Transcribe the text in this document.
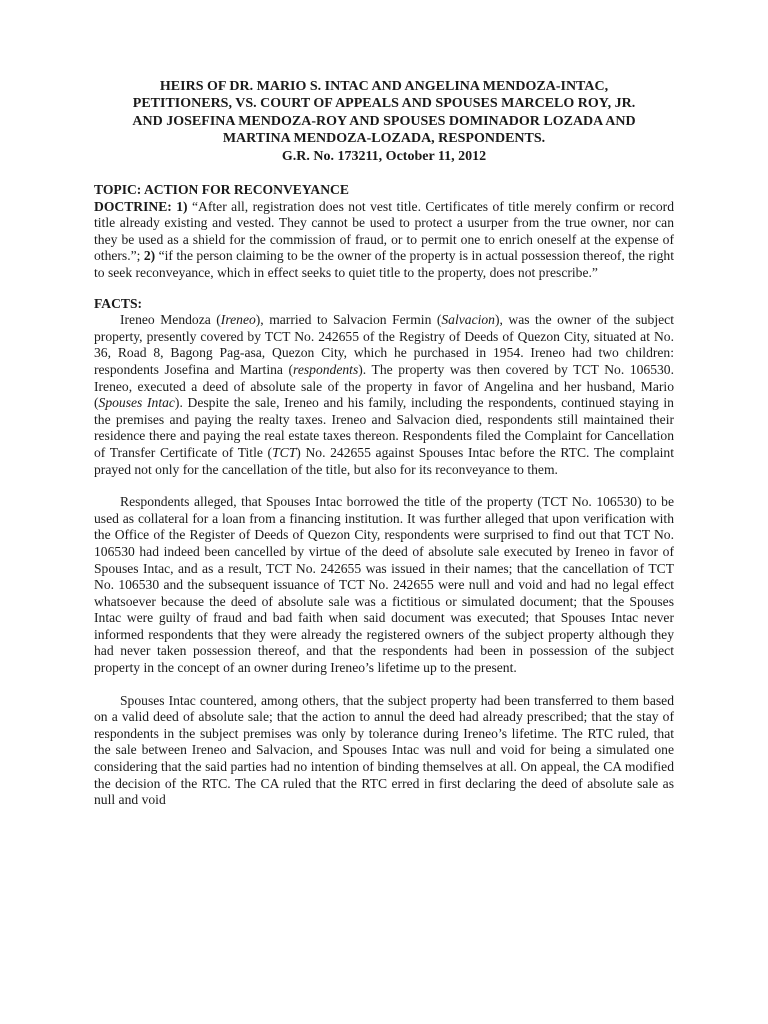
HEIRS OF DR. MARIO S. INTAC AND ANGELINA MENDOZA-INTAC,
PETITIONERS, VS. COURT OF APPEALS AND SPOUSES MARCELO ROY, JR.
AND JOSEFINA MENDOZA-ROY AND SPOUSES DOMINADOR LOZADA AND
MARTINA MENDOZA-LOZADA, RESPONDENTS.
G.R. No. 173211, October 11, 2012
TOPIC: ACTION FOR RECONVEYANCE
DOCTRINE: 1) “After all, registration does not vest title. Certificates of title merely confirm or record title already existing and vested. They cannot be used to protect a usurper from the true owner, nor can they be used as a shield for the commission of fraud, or to permit one to enrich oneself at the expense of others.”; 2) “if the person claiming to be the owner of the property is in actual possession thereof, the right to seek reconveyance, which in effect seeks to quiet title to the property, does not prescribe.”
FACTS:

Ireneo Mendoza (Ireneo), married to Salvacion Fermin (Salvacion), was the owner of the subject property, presently covered by TCT No. 242655 of the Registry of Deeds of Quezon City, situated at No. 36, Road 8, Bagong Pag-asa, Quezon City, which he purchased in 1954. Ireneo had two children: respondents Josefina and Martina (respondents). The property was then covered by TCT No. 106530. Ireneo, executed a deed of absolute sale of the property in favor of Angelina and her husband, Mario (Spouses Intac). Despite the sale, Ireneo and his family, including the respondents, continued staying in the premises and paying the realty taxes. Ireneo and Salvacion died, respondents still maintained their residence there and paying the real estate taxes thereon. Respondents filed the Complaint for Cancellation of Transfer Certificate of Title (TCT) No. 242655 against Spouses Intac before the RTC. The complaint prayed not only for the cancellation of the title, but also for its reconveyance to them.

Respondents alleged, that Spouses Intac borrowed the title of the property (TCT No. 106530) to be used as collateral for a loan from a financing institution. It was further alleged that upon verification with the Office of the Register of Deeds of Quezon City, respondents were surprised to find out that TCT No. 106530 had indeed been cancelled by virtue of the deed of absolute sale executed by Ireneo in favor of Spouses Intac, and as a result, TCT No. 242655 was issued in their names; that the cancellation of TCT No. 106530 and the subsequent issuance of TCT No. 242655 were null and void and had no legal effect whatsoever because the deed of absolute sale was a fictitious or simulated document; that the Spouses Intac were guilty of fraud and bad faith when said document was executed; that Spouses Intac never informed respondents that they were already the registered owners of the subject property although they had never taken possession thereof, and that the respondents had been in possession of the subject property in the concept of an owner during Ireneo’s lifetime up to the present.

Spouses Intac countered, among others, that the subject property had been transferred to them based on a valid deed of absolute sale; that the action to annul the deed had already prescribed; that the stay of respondents in the subject premises was only by tolerance during Ireneo’s lifetime. The RTC ruled, that the sale between Ireneo and Salvacion, and Spouses Intac was null and void for being a simulated one considering that the said parties had no intention of binding themselves at all. On appeal, the CA modified the decision of the RTC. The CA ruled that the RTC erred in first declaring the deed of absolute sale as null and void
